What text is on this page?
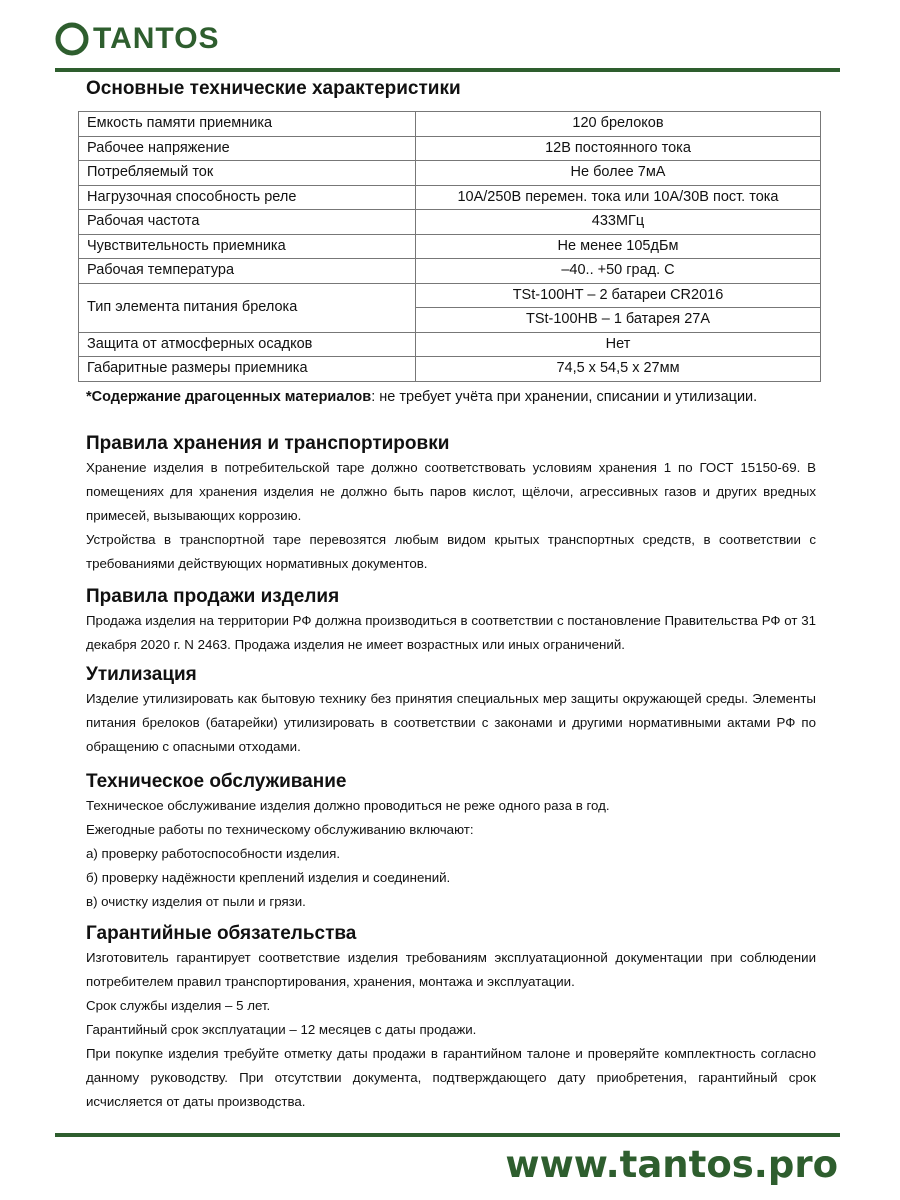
TANTOS
Основные технические характеристики
Емкость памяти приемника	120 брелоков
Рабочее напряжение	12В постоянного тока
Потребляемый ток	Не более 7мА
Нагрузочная способность реле	10А/250В перемен. тока или 10А/30В пост. тока
Рабочая частота	433МГц
Чувствительность приемника	Не менее 105дБм
Рабочая температура	–40.. +50 град. С
Тип элемента питания брелока	TSt-100HT – 2 батареи CR2016
	TSt-100HB – 1 батарея 27А
Защита от атмосферных осадков	Нет
Габаритные размеры приемника	74,5 х 54,5 х 27мм
*Содержание драгоценных материалов: не требует учёта при хранении, списании и утилизации.
Правила хранения и транспортировки

Хранение изделия в потребительской таре должно соответствовать условиям хранения 1 по ГОСТ 15150-69. В помещениях для хранения изделия не должно быть паров кислот, щёлочи, агрессивных газов и других вредных примесей, вызывающих коррозию.

Устройства в транспортной таре перевозятся любым видом крытых транспортных средств, в соответствии с требованиями действующих нормативных документов.

Правила продажи изделия

Продажа изделия на территории РФ должна производиться в соответствии с постановление Правительства РФ от 31 декабря 2020 г. N 2463. Продажа изделия не имеет возрастных или иных ограничений.

Утилизация

Изделие утилизировать как бытовую технику без принятия специальных мер защиты окружающей среды. Элементы питания брелоков (батарейки) утилизировать в соответствии с законами и другими нормативными актами РФ по обращению с опасными отходами.

Техническое обслуживание

Техническое обслуживание изделия должно проводиться не реже одного раза в год.

Ежегодные работы по техническому обслуживанию включают:

а) проверку работоспособности изделия.

б) проверку надёжности креплений изделия и соединений.

в) очистку изделия от пыли и грязи.

Гарантийные обязательства

Изготовитель гарантирует соответствие изделия требованиям эксплуатационной документации при соблюдении потребителем правил транспортирования, хранения, монтажа и эксплуатации.

Срок службы изделия – 5 лет.

Гарантийный срок эксплуатации – 12 месяцев с даты продажи.

При покупке изделия требуйте отметку даты продажи в гарантийном талоне и проверяйте комплектность согласно данному руководству. При отсутствии документа, подтверждающего дату приобретения, гарантийный срок исчисляется от даты производства.

www.tantos.pro
